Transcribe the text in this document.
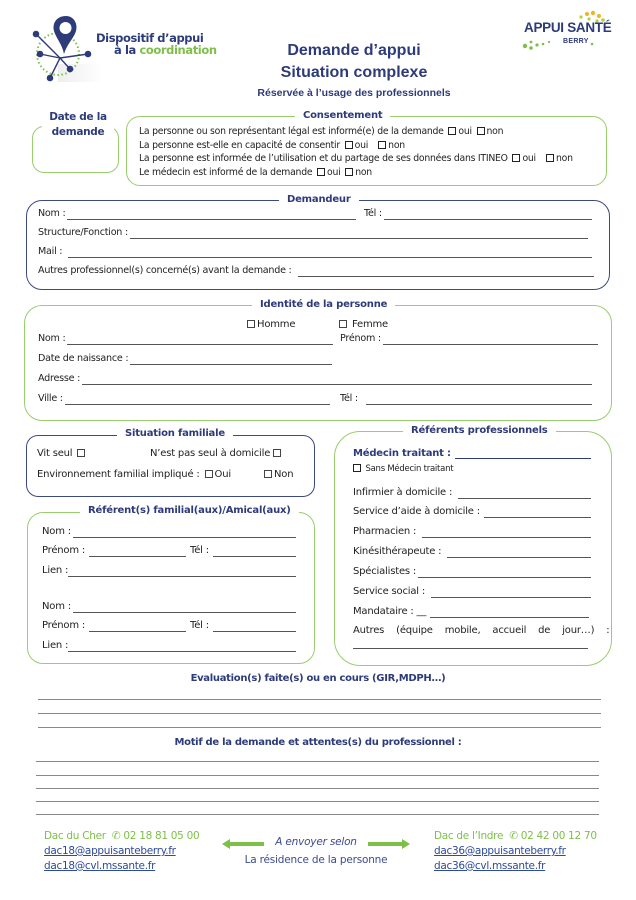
Dispositif d’appui
à la coordination	Demande d’appui
Situation complexe
Réservée à l’usage des professionnels
APPUI SANTÉ
BERRY
Date de la
demande
Consentement
La personne ou son représentant légal est informé(e) de la demande oui non
La personne est-elle en capacité de consentir oui non
La personne est informée de l’utilisation et du partage de ses données dans ITINEO oui non
Le médecin est informé de la demande oui non
Demandeur
Nom :	Tél :
Structure/Fonction :
Mail :
Autres professionnel(s) concerné(s) avant la demande :
Identité de la personne
Homme	Femme
Nom :	Prénom :
Date de naissance :
Adresse :
Ville :	Tél :
Situation familiale
Vit seul	N’est pas seul à domicile
Environnement familial impliqué : Oui	Non
Référent(s) familial(aux)/Amical(aux)
Nom :
Prénom :	Tél :
Lien :
Nom :
Prénom :	Tél :
Lien :
Référents professionnels
Médecin traitant :
Sans Médecin traitant
Infirmier à domicile :
Service d’aide à domicile :
Pharmacien :
Kinésithérapeute :
Spécialistes :
Service social :
Mandataire : __
Autres (équipe mobile, accueil de jour…) :
Evaluation(s) faite(s) ou en cours (GIR,MDPH…)
Motif de la demande et attentes(s) du professionnel :
Dac du Cher ✆ 02 18 81 05 00
dac18@appuisanteberry.fr
dac18@cvl.mssante.fr
A envoyer selon
La résidence de la personne
Dac de l’Indre ✆ 02 42 00 12 70
dac36@appuisanteberry.fr
dac36@cvl.mssante.fr
